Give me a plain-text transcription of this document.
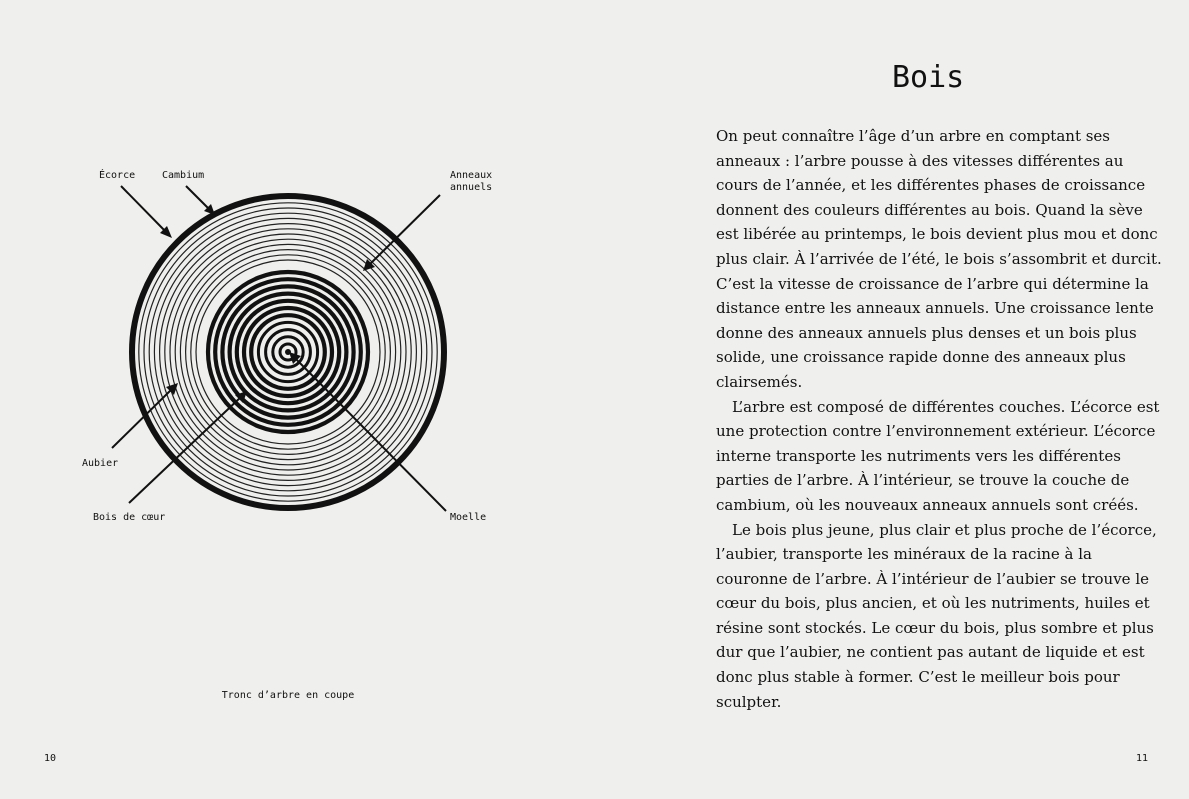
Écorce	Cambium	Anneaux
annuels
Aubier
Bois de cœur	Moelle
Tronc d’arbre en coupe
10
Bois

On peut connaître l’âge d’un arbre en comptant ses anneaux : l’arbre pousse à des vitesses différentes au cours de l’année, et les différentes phases de croissance donnent des couleurs différentes au bois. Quand la sève est libérée au printemps, le bois devient plus mou et donc plus clair. À l’arrivée de l’été, le bois s’assombrit et durcit. C’est la vitesse de croissance de l’arbre qui détermine la distance entre les anneaux annuels. Une croissance lente donne des anneaux annuels plus denses et un bois plus solide, une croissance rapide donne des anneaux plus clairsemés.

L’arbre est composé de différentes couches. L’écorce est une protection contre l’environnement extérieur. L’écorce interne transporte les nutriments vers les différentes parties de l’arbre. À l’intérieur, se trouve la couche de cambium, où les nouveaux anneaux annuels sont créés.

Le bois plus jeune, plus clair et plus proche de l’écorce, l’aubier, transporte les minéraux de la racine à la couronne de l’arbre. À l’intérieur de l’aubier se trouve le cœur du bois, plus ancien, et où les nutriments, huiles et résine sont stockés. Le cœur du bois, plus sombre et plus dur que l’aubier, ne contient pas autant de liquide et est donc plus stable à former. C’est le meilleur bois pour sculpter.

11
